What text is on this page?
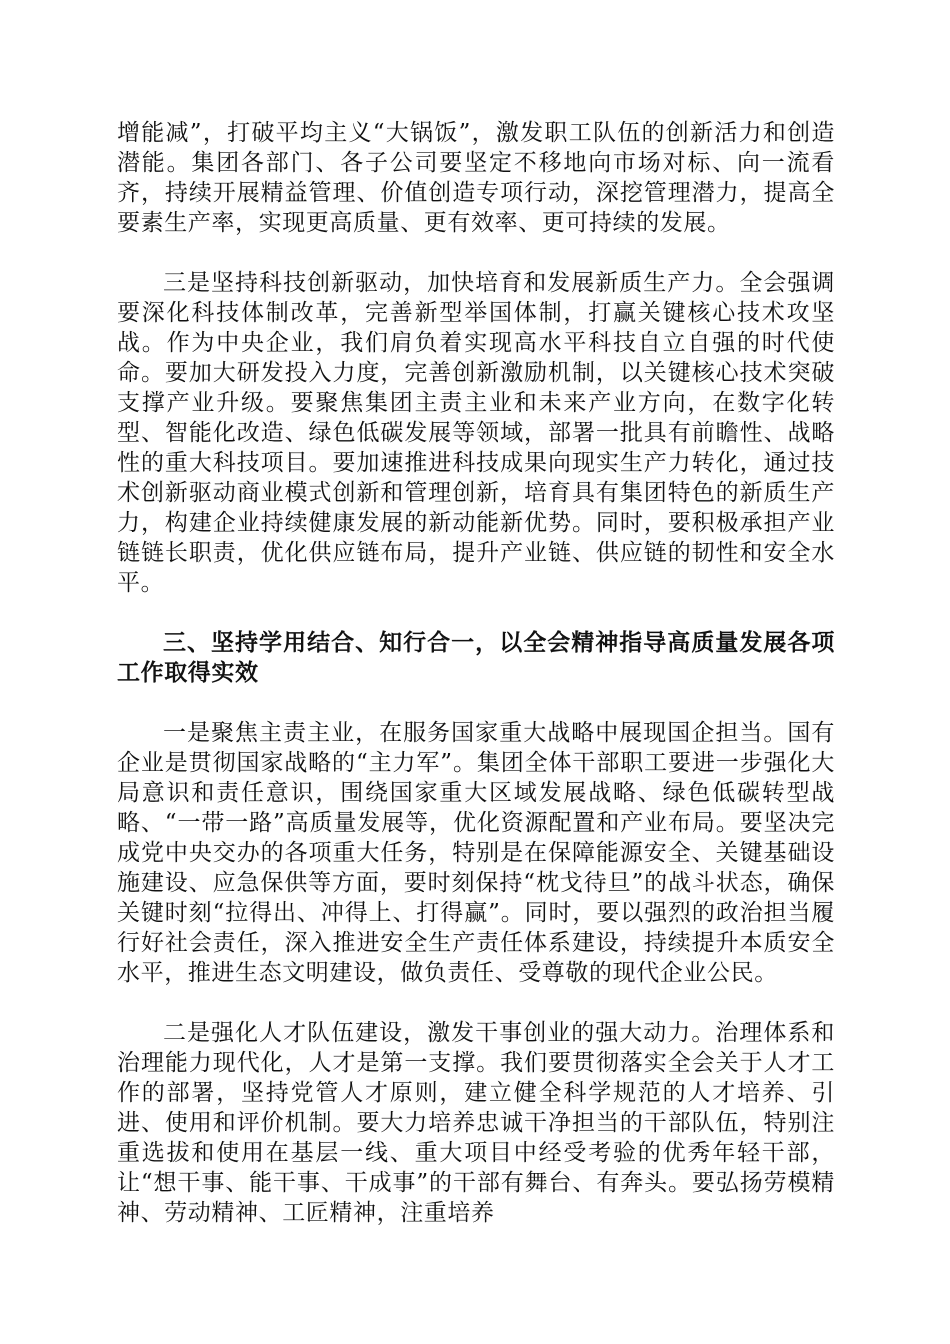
增能减”，打破平均主义“大锅饭”，激发职工队伍的创新活力和创造潜能。集团各部门、各子公司要坚定不移地向市场对标、向一流看齐，持续开展精益管理、价值创造专项行动，深挖管理潜力，提高全要素生产率，实现更高质量、更有效率、更可持续的发展。

三是坚持科技创新驱动，加快培育和发展新质生产力。全会强调要深化科技体制改革，完善新型举国体制，打赢关键核心技术攻坚战。作为中央企业，我们肩负着实现高水平科技自立自强的时代使命。要加大研发投入力度，完善创新激励机制，以关键核心技术突破支撑产业升级。要聚焦集团主责主业和未来产业方向，在数字化转型、智能化改造、绿色低碳发展等领域，部署一批具有前瞻性、战略性的重大科技项目。要加速推进科技成果向现实生产力转化，通过技术创新驱动商业模式创新和管理创新，培育具有集团特色的新质生产力，构建企业持续健康发展的新动能新优势。同时，要积极承担产业链链长职责，优化供应链布局，提升产业链、供应链的韧性和安全水平。

三、坚持学用结合、知行合一，以全会精神指导高质量发展各项工作取得实效

一是聚焦主责主业，在服务国家重大战略中展现国企担当。国有企业是贯彻国家战略的“主力军”。集团全体干部职工要进一步强化大局意识和责任意识，围绕国家重大区域发展战略、绿色低碳转型战略、“一带一路”高质量发展等，优化资源配置和产业布局。要坚决完成党中央交办的各项重大任务，特别是在保障能源安全、关键基础设施建设、应急保供等方面，要时刻保持“枕戈待旦”的战斗状态，确保关键时刻“拉得出、冲得上、打得赢”。同时，要以强烈的政治担当履行好社会责任，深入推进安全生产责任体系建设，持续提升本质安全水平，推进生态文明建设，做负责任、受尊敬的现代企业公民。

二是强化人才队伍建设，激发干事创业的强大动力。治理体系和治理能力现代化，人才是第一支撑。我们要贯彻落实全会关于人才工作的部署，坚持党管人才原则，建立健全科学规范的人才培养、引进、使用和评价机制。要大力培养忠诚干净担当的干部队伍，特别注重选拔和使用在基层一线、重大项目中经受考验的优秀年轻干部，让“想干事、能干事、干成事”的干部有舞台、有奔头。要弘扬劳模精神、劳动精神、工匠精神，注重培养
